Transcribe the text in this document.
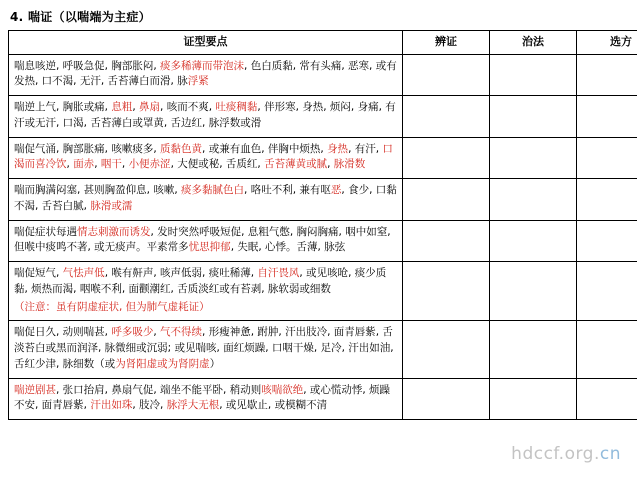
4. 喘证（以喘端为主症）
证型要点	辨证	治法	选方
喘息咳逆, 呼吸急促, 胸部胀闷, 痰多稀薄而带泡沫, 色白质黏, 常有头痛, 恶寒, 或有发热, 口不渴, 无汗, 舌苔薄白而滑, 脉浮紧			
喘逆上气, 胸胀或痛, 息粗, 鼻扇, 咳而不爽, 吐痰稠黏, 伴形寒, 身热, 烦闷, 身痛, 有汗或无汗, 口渴, 舌苔薄白或罩黄, 舌边红, 脉浮数或滑			
喘促气涌, 胸部胀痛, 咳嗽痰多, 质黏色黄, 或兼有血色, 伴胸中烦热, 身热, 有汗, 口渴而喜冷饮, 面赤, 咽干, 小便赤涩, 大便或秘, 舌质红, 舌苔薄黄或腻, 脉滑数			
喘而胸满闷塞, 甚则胸盈仰息, 咳嗽, 痰多黏腻色白, 咯吐不利, 兼有呕恶, 食少, 口黏不渴, 舌苔白腻, 脉滑或濡			
喘促症状每遇情志刺激而诱发, 发时突然呼吸短促, 息粗气憋, 胸闷胸痛, 咽中如窒, 但喉中痰鸣不著, 或无痰声。平素常多忧思抑郁, 失眠, 心悸。舌薄, 脉弦			
喘促短气, 气怯声低, 喉有鼾声, 咳声低弱, 痰吐稀薄, 自汗畏风, 或见咳呛, 痰少质黏, 烦热而渴, 咽喉不利, 面颧潮红, 舌质淡红或有苔剥, 脉软弱或细数
（注意：虽有阴虚症状, 但为肺气虚耗证）			

喘促日久, 动则喘甚, 呼多吸少, 气不得续, 形瘦神惫, 跗肿, 汗出肢冷, 面青唇紫, 舌淡苔白或黑而润泽, 脉微细或沉弱; 或见喘咳, 面红烦躁, 口咽干燥, 足冷, 汗出如油, 舌红少津, 脉细数（或为肾阳虚或为肾阴虚）			
喘逆剧甚, 张口抬肩, 鼻扇气促, 端坐不能平卧, 稍动则咳喘欲绝, 或心慌动悸, 烦躁不安, 面青唇紫, 汗出如珠, 肢冷, 脉浮大无根, 或见歇止, 或模糊不清			
hdccf.org.cn
